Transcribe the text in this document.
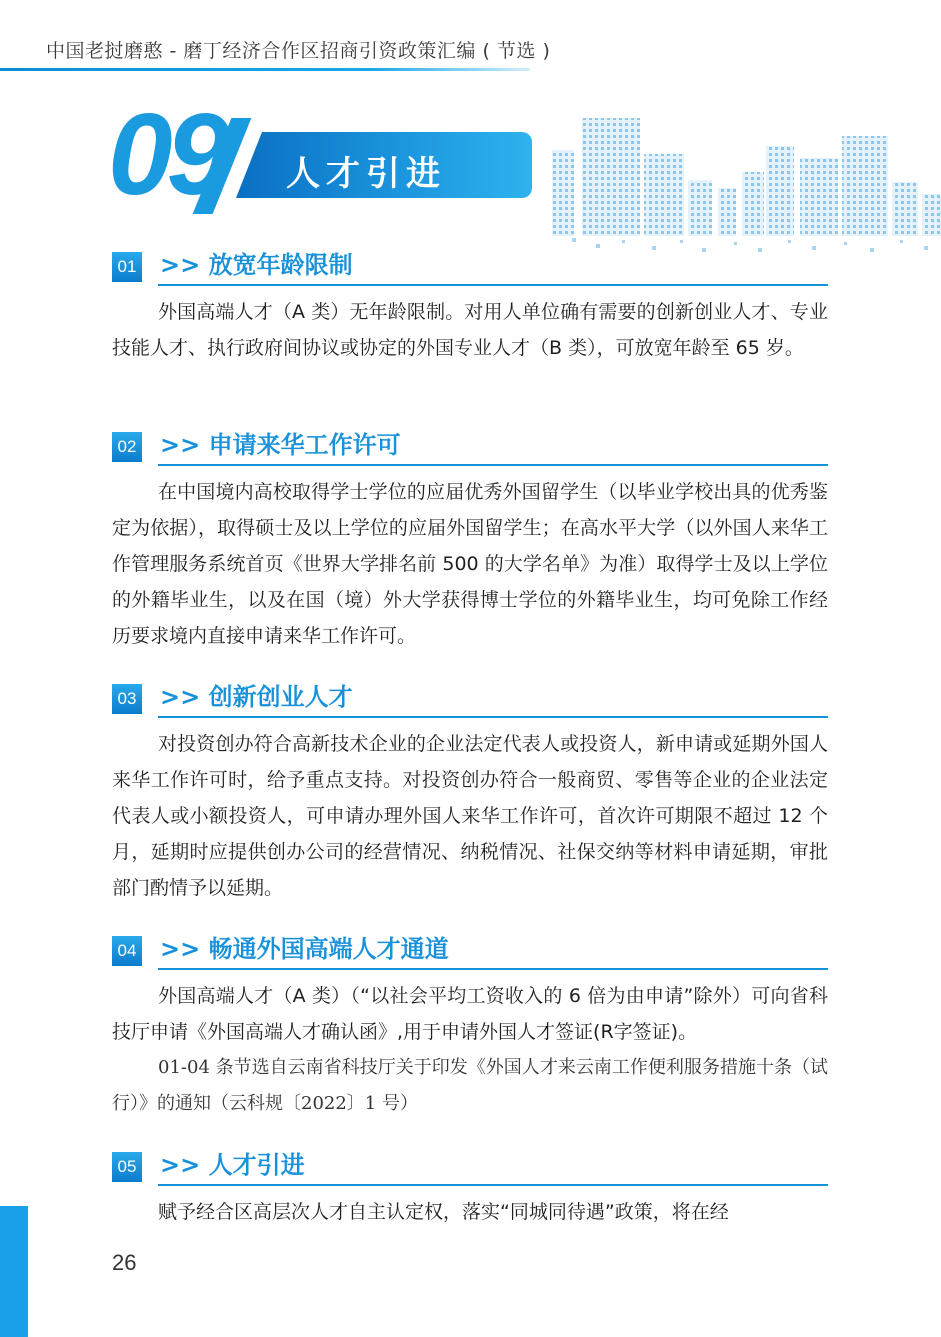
中国老挝磨憨 - 磨丁经济合作区招商引资政策汇编 ( 节选 )
09 人才引进
01 >> 放宽年龄限制

外国高端人才（A 类）无年龄限制。对用人单位确有需要的创新创业人才、专业技能人才、执行政府间协议或协定的外国专业人才（B 类），可放宽年龄至 65 岁。

02 >> 申请来华工作许可

在中国境内高校取得学士学位的应届优秀外国留学生（以毕业学校出具的优秀鉴定为依据），取得硕士及以上学位的应届外国留学生；在高水平大学（以外国人来华工作管理服务系统首页《世界大学排名前 500 的大学名单》为准）取得学士及以上学位的外籍毕业生，以及在国（境）外大学获得博士学位的外籍毕业生，均可免除工作经历要求境内直接申请来华工作许可。

03 >> 创新创业人才

对投资创办符合高新技术企业的企业法定代表人或投资人，新申请或延期外国人来华工作许可时，给予重点支持。对投资创办符合一般商贸、零售等企业的企业法定代表人或小额投资人，可申请办理外国人来华工作许可，首次许可期限不超过 12 个月，延期时应提供创办公司的经营情况、纳税情况、社保交纳等材料申请延期，审批部门酌情予以延期。

04 >> 畅通外国高端人才通道

外国高端人才（A 类）（“以社会平均工资收入的 6 倍为由申请”除外）可向省科技厅申请《外国高端人才确认函》,用于申请外国人才签证(R字签证)。

01-04 条节选自云南省科技厅关于印发《外国人才来云南工作便利服务措施十条（试行）》的通知（云科规〔2022〕1 号）

05 >> 人才引进

赋予经合区高层次人才自主认定权，落实“同城同待遇”政策，将在经

26
